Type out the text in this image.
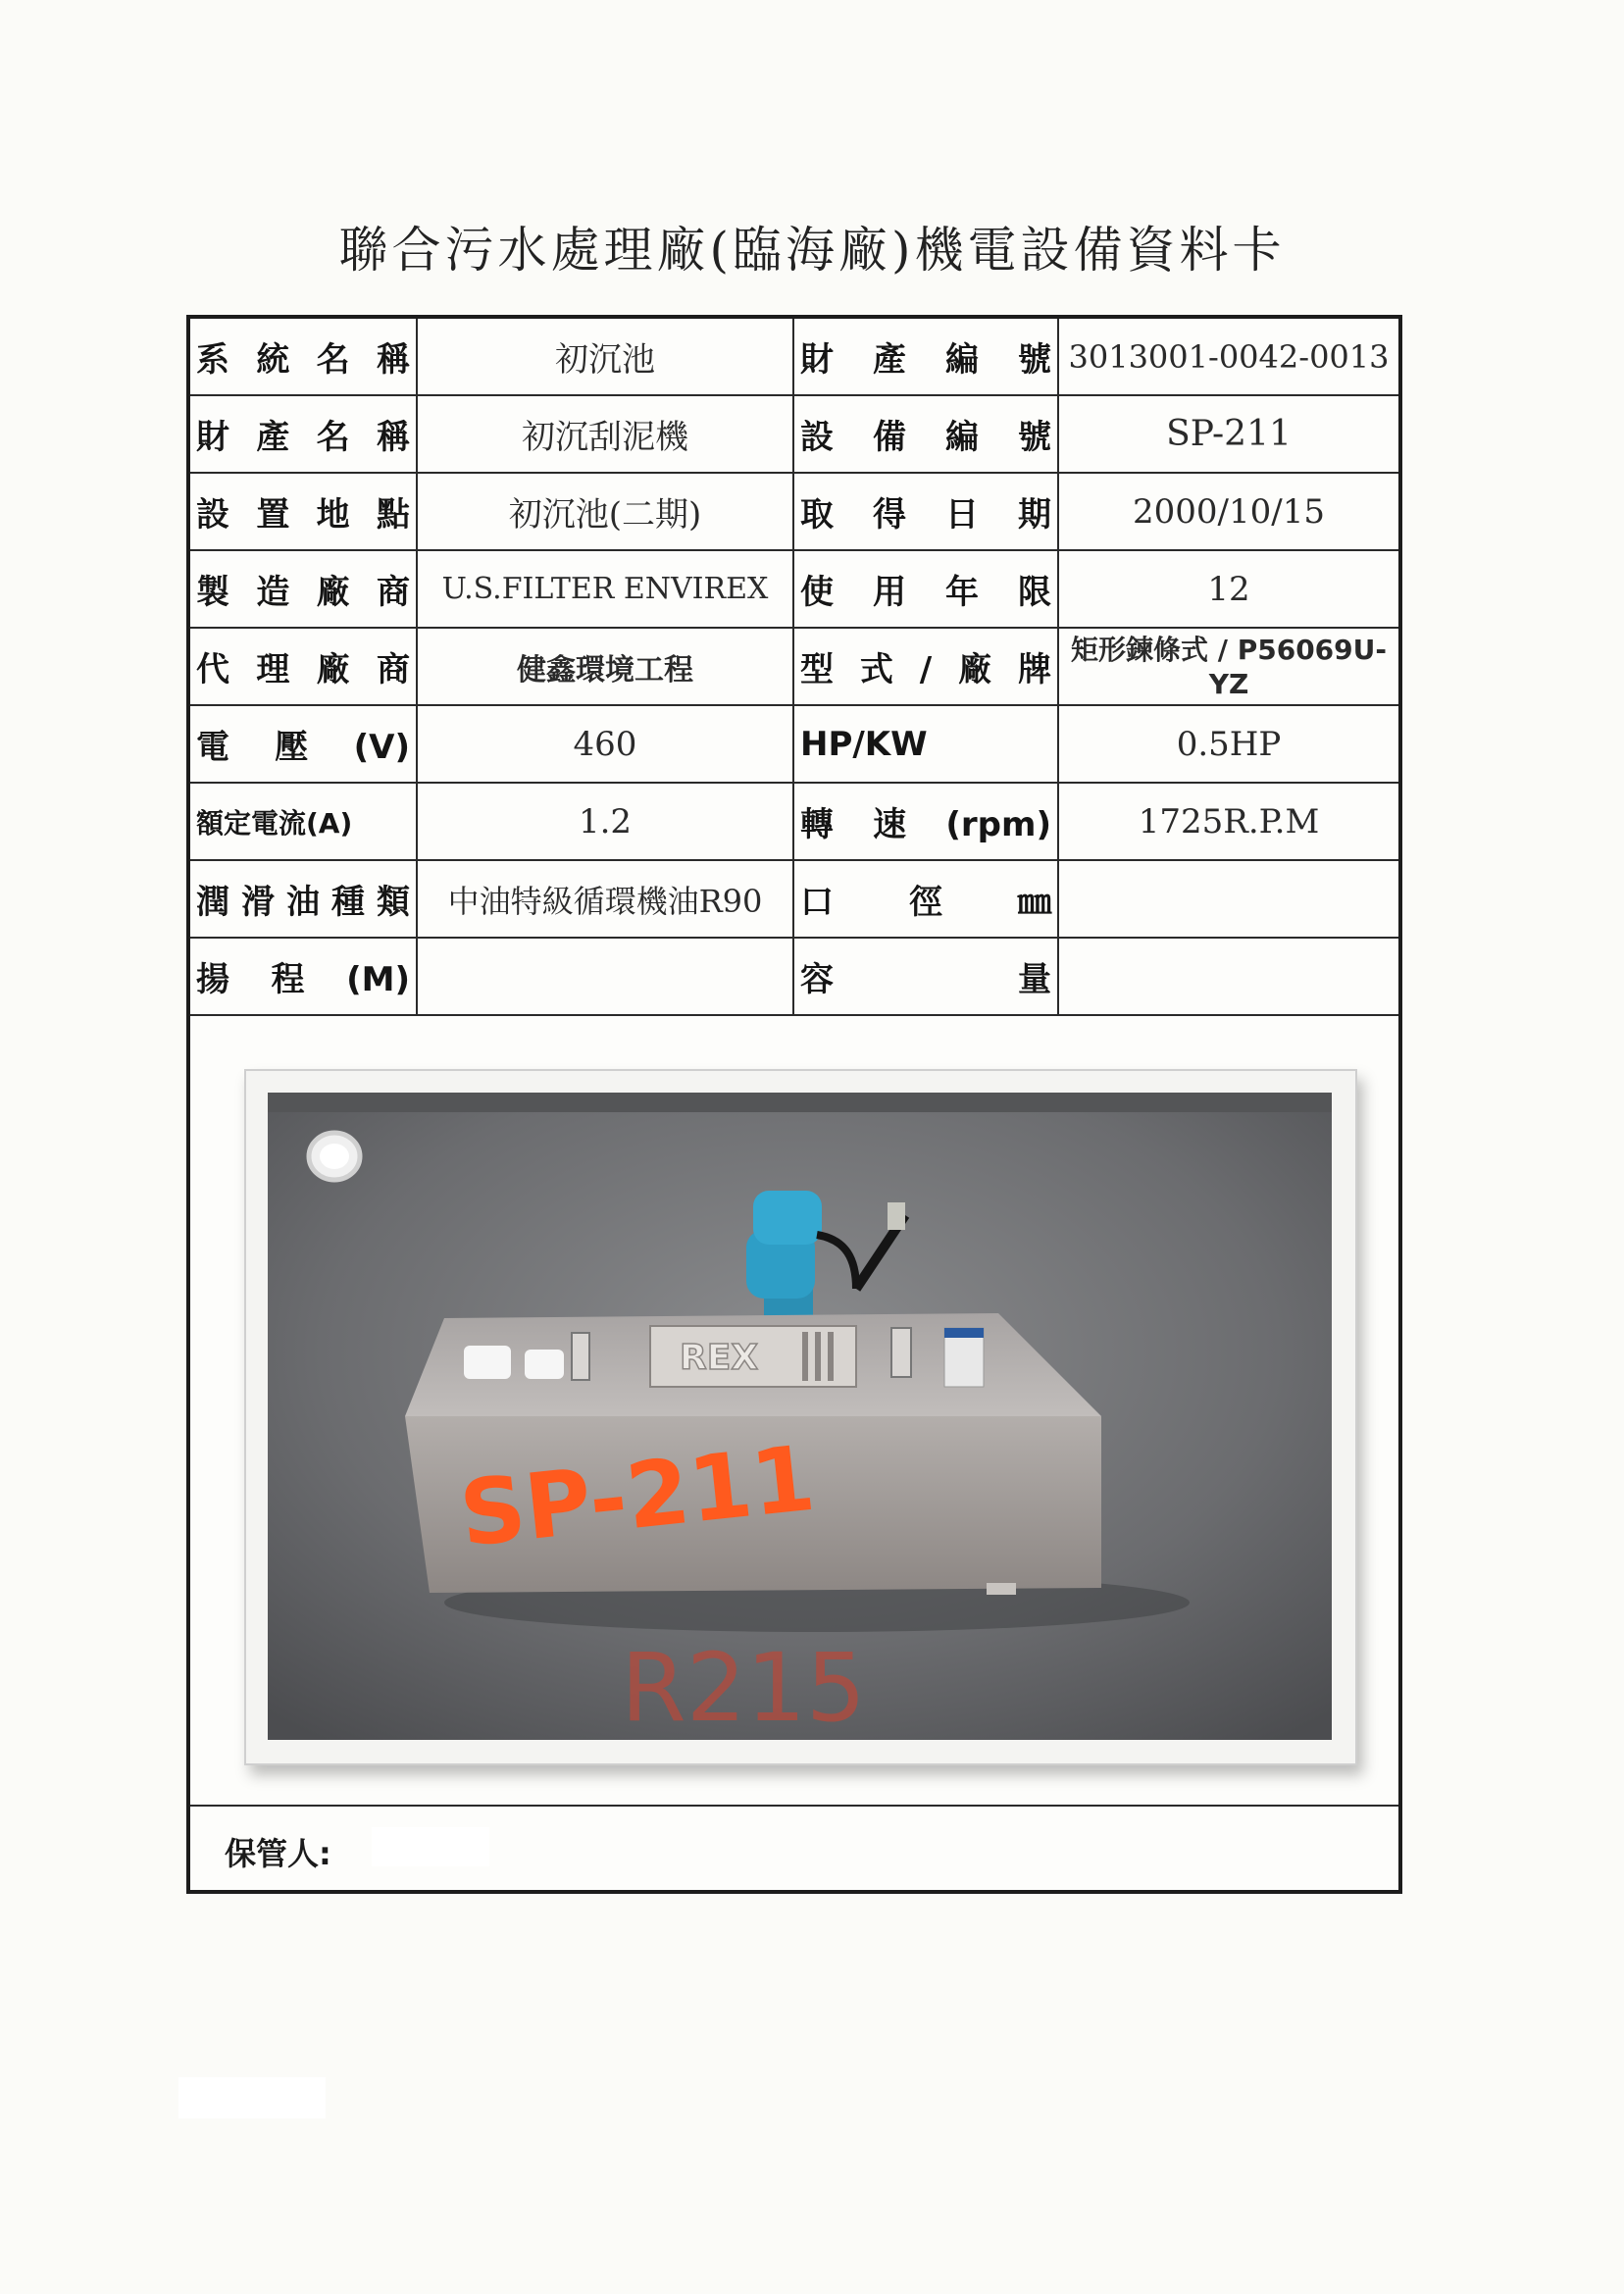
聯合污水處理廠(臨海廠)機電設備資料卡
系統名稱	初沉池	財產編號	3013001-0042-0013
財產名稱	初沉刮泥機	設備編號	SP-211
設置地點	初沉池(二期)	取得日期	2000/10/15
製造廠商	U.S.FILTER ENVIREX	使用年限	12
代理廠商	健鑫環境工程	型式/廠牌	矩形鍊條式 / P56069U-YZ
電壓(V)	460	HP/KW	0.5HP
額定電流(A)	1.2	轉速(rpm)	1725R.P.M
潤滑油種類	中油特級循環機油R90	口　徑　㎜	
揚程(M)		容　　量	
REX
SP-211
R215
保管人:
